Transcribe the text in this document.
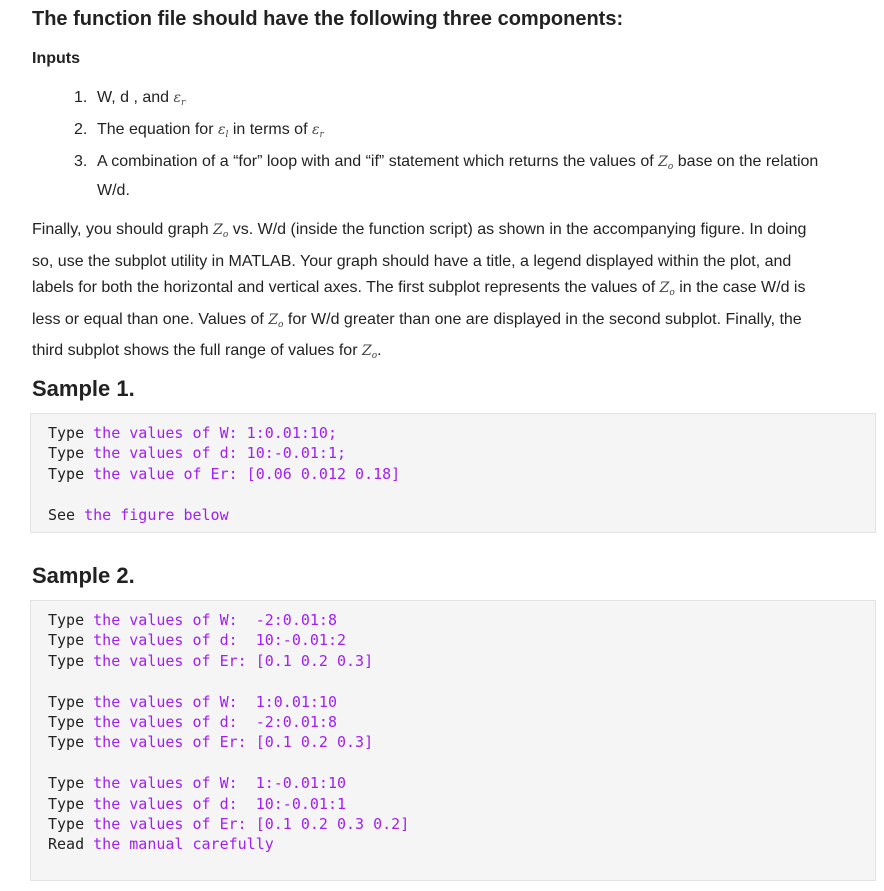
The function file should have the following three components:
Inputs
1. W, d , and $\varepsilon_r$
2. The equation for $\varepsilon_l$ in terms of $\varepsilon_r$
3. A combination of a “for” loop with and “if” statement which returns the values of $Z_o$ base on the relation W/d.
Finally, you should graph $Z_o$ vs. W/d (inside the function script) as shown in the accompanying figure. In doing so, use the subplot utility in MATLAB. Your graph should have a title, a legend displayed within the plot, and labels for both the horizontal and vertical axes. The first subplot represents the values of $Z_o$ in the case W/d is less or equal than one. Values of $Z_o$ for W/d greater than one are displayed in the second subplot. Finally, the third subplot shows the full range of values for $Z_o$.
Sample 1.
Type the values of W: 1:0.01:10;
Type the values of d: 10:-0.01:1;
Type the value of Er: [0.06 0.012 0.18]
See the figure below
Sample 2.
Type the values of W:  -2:0.01:8
Type the values of d:  10:-0.01:2
Type the values of Er: [0.1 0.2 0.3]
Type the values of W:  1:0.01:10
Type the values of d:  -2:0.01:8
Type the values of Er: [0.1 0.2 0.3]
Type the values of W:  1:-0.01:10
Type the values of d:  10:-0.01:1
Type the values of Er: [0.1 0.2 0.3 0.2]
Read the manual carefully
